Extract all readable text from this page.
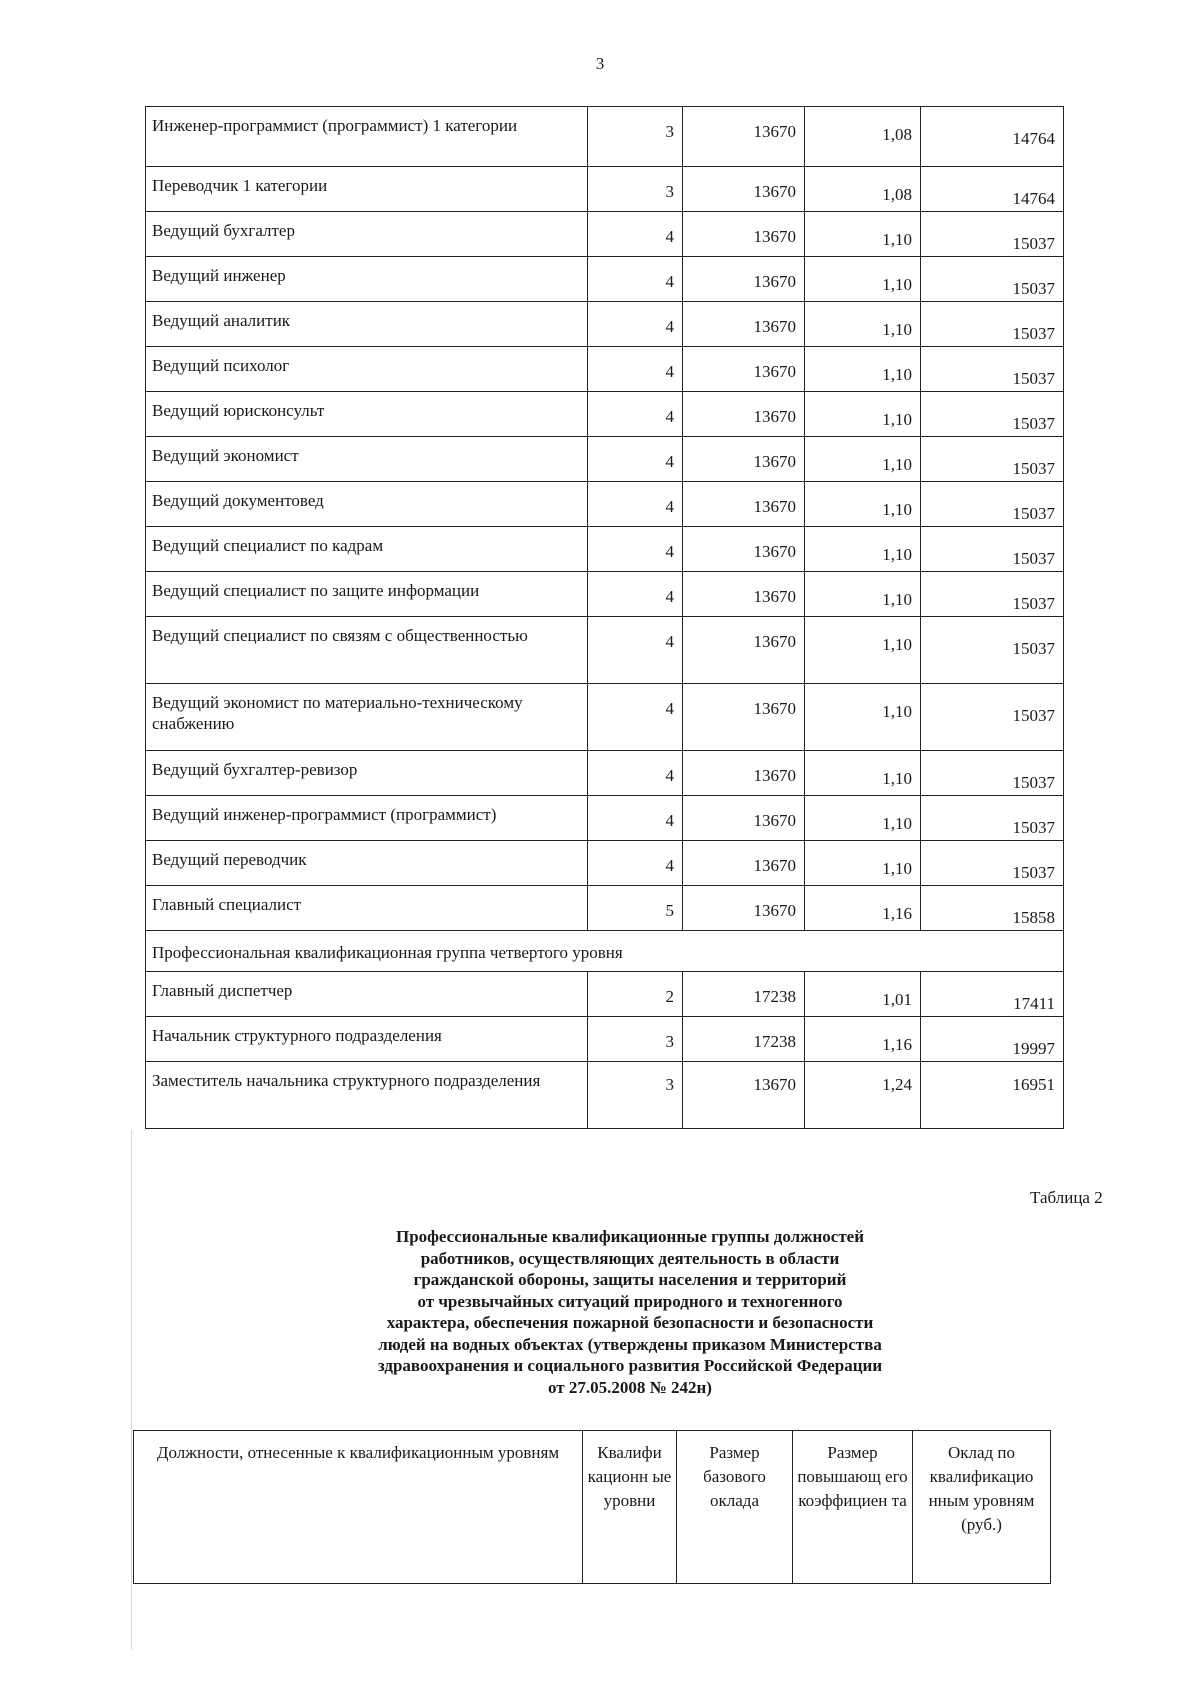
3
Инженер-программист (программист) 1 категории	3	13670	1,08	14764
Переводчик 1 категории	3	13670	1,08	14764
Ведущий бухгалтер	4	13670	1,10	15037
Ведущий инженер	4	13670	1,10	15037
Ведущий аналитик	4	13670	1,10	15037
Ведущий психолог	4	13670	1,10	15037
Ведущий юрисконсульт	4	13670	1,10	15037
Ведущий экономист	4	13670	1,10	15037
Ведущий документовед	4	13670	1,10	15037
Ведущий специалист по кадрам	4	13670	1,10	15037
Ведущий специалист по защите информации	4	13670	1,10	15037
Ведущий специалист по связям с общественностью	4	13670	1,10	15037
Ведущий экономист по материально-техническому снабжению	4	13670	1,10	15037
Ведущий бухгалтер-ревизор	4	13670	1,10	15037
Ведущий инженер-программист (программист)	4	13670	1,10	15037
Ведущий переводчик	4	13670	1,10	15037
Главный специалист	5	13670	1,16	15858
Профессиональная квалификационная группа четвертого уровня				
Главный диспетчер	2	17238	1,01	17411
Начальник структурного подразделения	3	17238	1,16	19997
Заместитель начальника структурного подразделения	3	13670	1,24	16951
Таблица 2
Профессиональные квалификационные группы должностей
работников, осуществляющих деятельность в области
гражданской обороны, защиты населения и территорий
от чрезвычайных ситуаций природного и техногенного
характера, обеспечения пожарной безопасности и безопасности
людей на водных объектах (утверждены приказом Министерства
здравоохранения и социального развития Российской Федерации
от 27.05.2008 № 242н)
Должности, отнесенные к квалификационным уровням	Квалифи кационн ые уровни	Размер базового оклада	Размер повышающ его коэффициен та	Оклад по квалификацио нным уровням (руб.)
